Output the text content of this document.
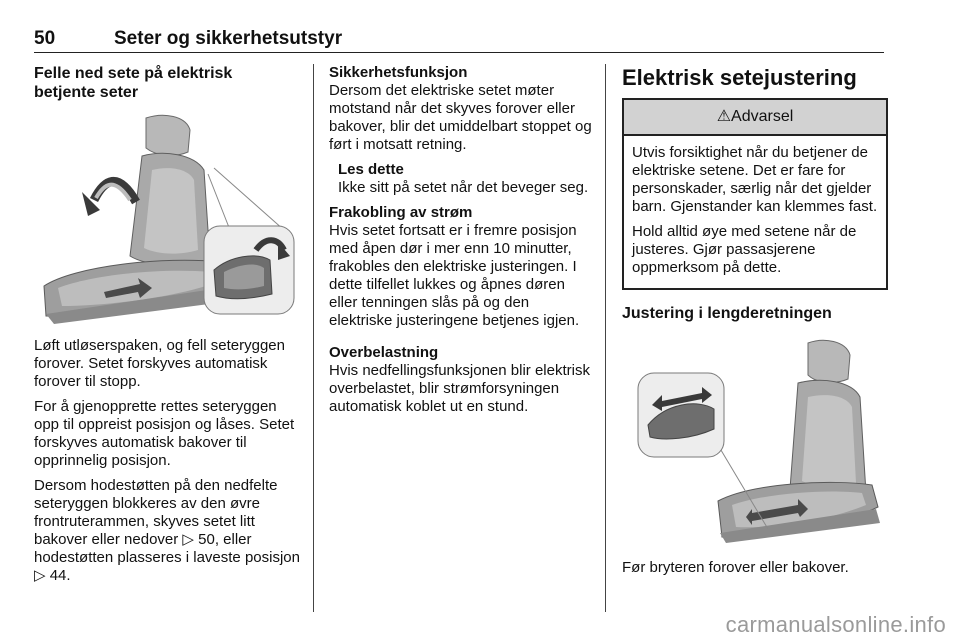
50	Seter og sikkerhetsutstyr
Felle ned sete på elektrisk betjente seter

Løft utløserspaken, og fell seteryggen forover. Setet forskyves automatisk forover til stopp.

For å gjenopprette rettes seteryggen opp til oppreist posisjon og låses. Setet forskyves automatisk bakover til opprinnelig posisjon.

Dersom hodestøtten på den nedfelte seteryggen blokkeres av den øvre frontruterammen, skyves setet litt bakover eller nedover ▷ 50, eller hodestøtten plasseres i laveste posisjon ▷ 44.

Sikkerhetsfunksjon

Dersom det elektriske setet møter motstand når det skyves forover eller bakover, blir det umiddelbart stoppet og ført i motsatt retning.

Les dette

Ikke sitt på setet når det beveger seg.

Frakobling av strøm

Hvis setet fortsatt er i fremre posisjon med åpen dør i mer enn 10 minutter, frakobles den elektriske justeringen. I dette tilfellet lukkes og åpnes døren eller tenningen slås på og den elektriske justeringene betjenes igjen.

Overbelastning

Hvis nedfellingsfunksjonen blir elektrisk overbelastet, blir strømforsyningen automatisk koblet ut en stund.

Elektrisk setejustering
⚠Advarsel

Utvis forsiktighet når du betjener de elektriske setene. Det er fare for personskader, særlig når det gjelder barn. Gjenstander kan klemmes fast.

Hold alltid øye med setene når de justeres. Gjør passasjerene oppmerksom på dette.

Justering i lengderetningen

Før bryteren forover eller bakover.

carmanualsonline.info
